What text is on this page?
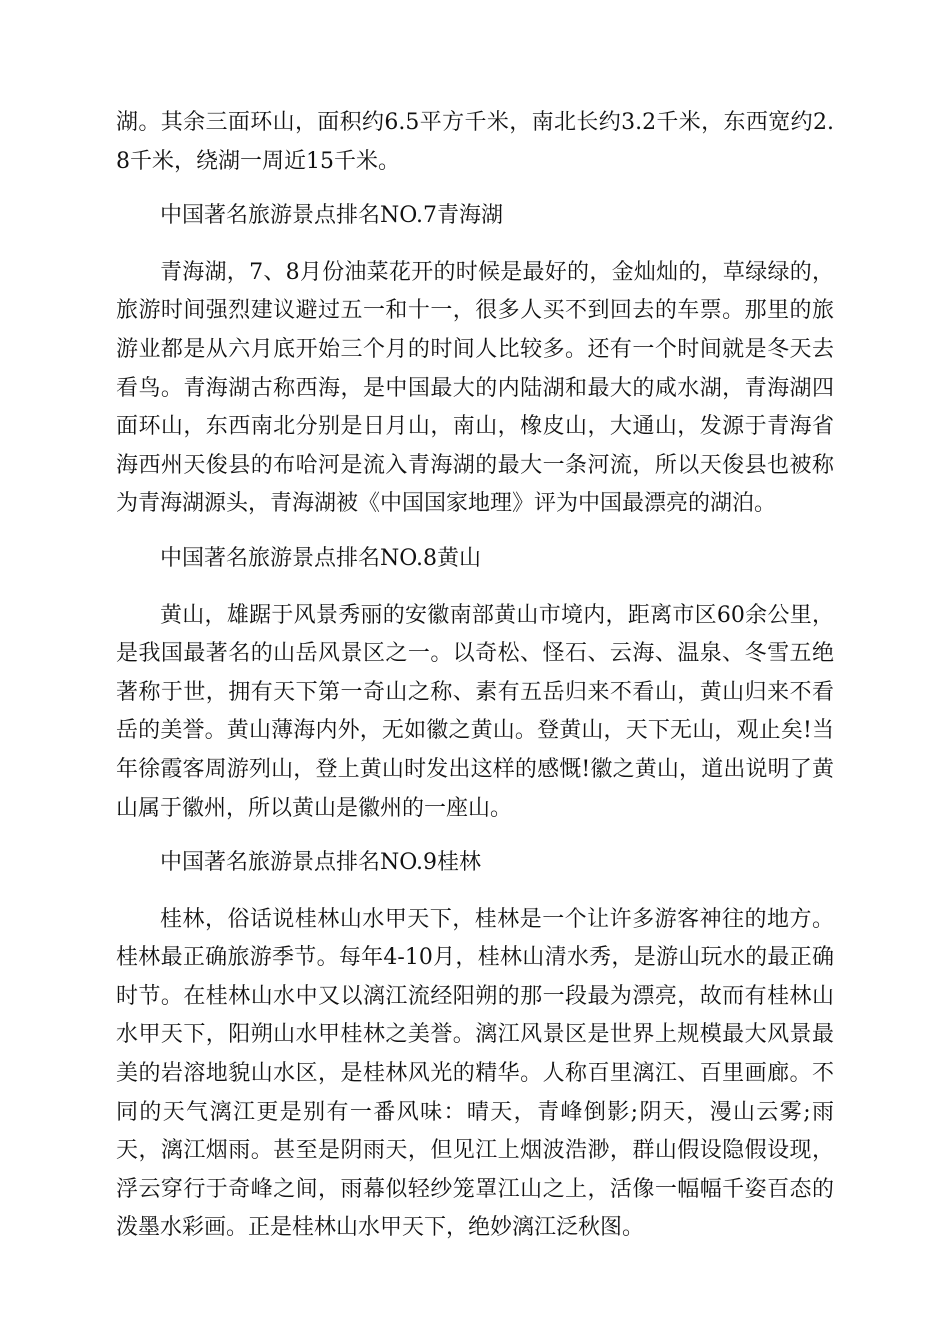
湖。其余三面环山，面积约6.5平方千米，南北长约3.2千米，东西宽约2.8千米，绕湖一周近15千米。

中国著名旅游景点排名NO.7青海湖

青海湖，7、8月份油菜花开的时候是最好的，金灿灿的，草绿绿的，旅游时间强烈建议避过五一和十一，很多人买不到回去的车票。那里的旅游业都是从六月底开始三个月的时间人比较多。还有一个时间就是冬天去看鸟。青海湖古称西海，是中国最大的内陆湖和最大的咸水湖，青海湖四面环山，东西南北分别是日月山，南山，橡皮山，大通山，发源于青海省海西州天俊县的布哈河是流入青海湖的最大一条河流，所以天俊县也被称为青海湖源头，青海湖被《中国国家地理》评为中国最漂亮的湖泊。

中国著名旅游景点排名NO.8黄山

黄山，雄踞于风景秀丽的安徽南部黄山市境内，距离市区60余公里，是我国最著名的山岳风景区之一。以奇松、怪石、云海、温泉、冬雪五绝著称于世，拥有天下第一奇山之称、素有五岳归来不看山，黄山归来不看岳的美誉。黄山薄海内外，无如徽之黄山。登黄山，天下无山，观止矣!当年徐霞客周游列山，登上黄山时发出这样的感慨!徽之黄山，道出说明了黄山属于徽州，所以黄山是徽州的一座山。

中国著名旅游景点排名NO.9桂林

桂林，俗话说桂林山水甲天下，桂林是一个让许多游客神往的地方。桂林最正确旅游季节。每年4-10月，桂林山清水秀，是游山玩水的最正确时节。在桂林山水中又以漓江流经阳朔的那一段最为漂亮，故而有桂林山水甲天下，阳朔山水甲桂林之美誉。漓江风景区是世界上规模最大风景最美的岩溶地貌山水区，是桂林风光的精华。人称百里漓江、百里画廊。不同的天气漓江更是别有一番风味：晴天，青峰倒影;阴天，漫山云雾;雨天，漓江烟雨。甚至是阴雨天，但见江上烟波浩渺，群山假设隐假设现，浮云穿行于奇峰之间，雨幕似轻纱笼罩江山之上，活像一幅幅千姿百态的泼墨水彩画。正是桂林山水甲天下，绝妙漓江泛秋图。
